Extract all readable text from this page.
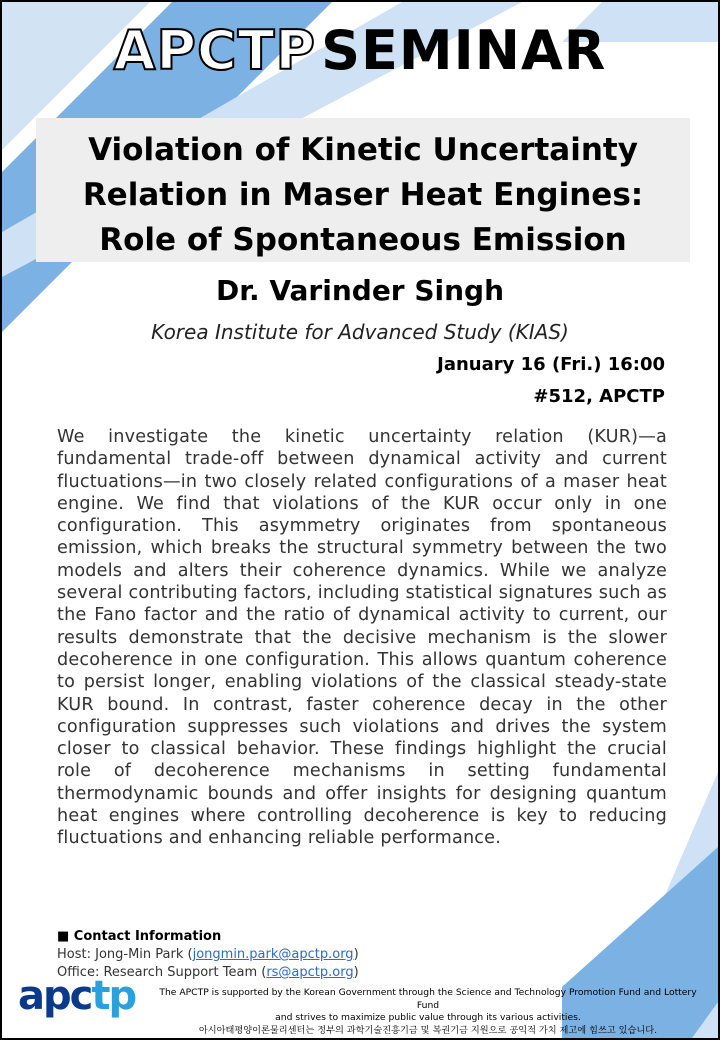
APCTP SEMINAR
Violation of Kinetic Uncertainty
Relation in Maser Heat Engines:
Role of Spontaneous Emission
Dr. Varinder Singh
Korea Institute for Advanced Study (KIAS)
January 16 (Fri.) 16:00
#512, APCTP
We investigate the kinetic uncertainty relation (KUR)—a fundamental trade-off between dynamical activity and current fluctuations—in two closely related configurations of a maser heat engine. We find that violations of the KUR occur only in one configuration. This asymmetry originates from spontaneous emission, which breaks the structural symmetry between the two models and alters their coherence dynamics. While we analyze several contributing factors, including statistical signatures such as the Fano factor and the ratio of dynamical activity to current, our results demonstrate that the decisive mechanism is the slower decoherence in one configuration. This allows quantum coherence to persist longer, enabling violations of the classical steady-state KUR bound. In contrast, faster coherence decay in the other configuration suppresses such violations and drives the system closer to classical behavior. These findings highlight the crucial role of decoherence mechanisms in setting fundamental thermodynamic bounds and offer insights for designing quantum heat engines where controlling decoherence is key to reducing fluctuations and enhancing reliable performance.
■ Contact Information
Host: Jong-Min Park (jongmin.park@apctp.org)
Office: Research Support Team (rs@apctp.org)
apctp	The APCTP is supported by the Korean Government through the Science and Technology Promotion Fund and Lottery Fund
and strives to maximize public value through its various activities.
아시아태평양이론물리센터는 정부의 과학기술진흥기금 및 복권기금 지원으로 공익적 가치 제고에 힘쓰고 있습니다.
